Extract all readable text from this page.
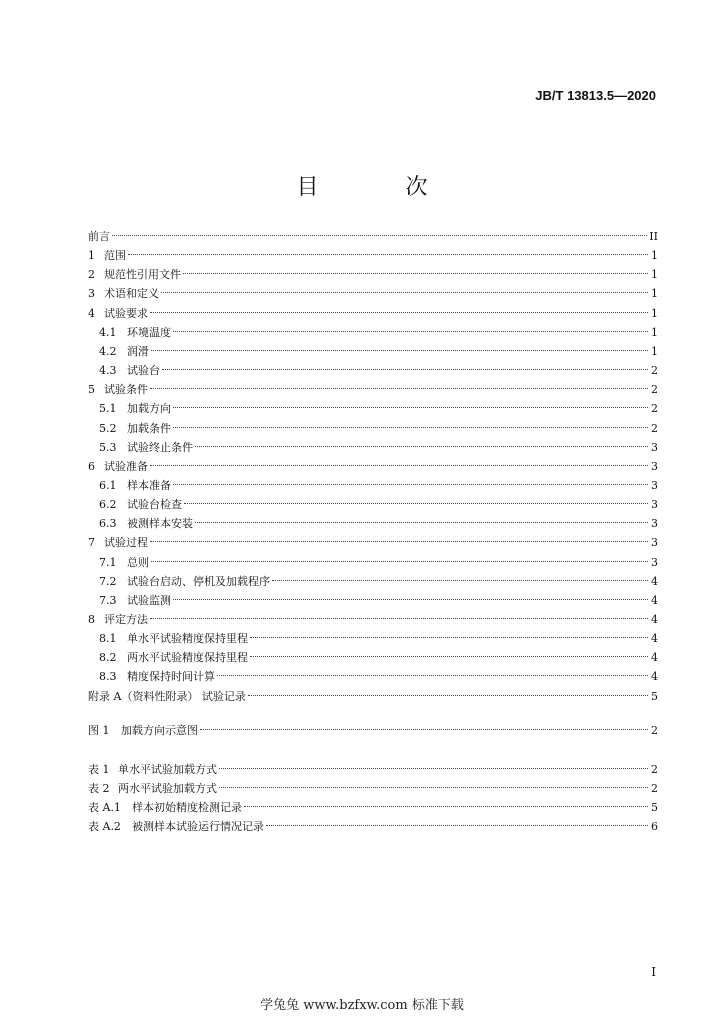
JB/T 13813.5—2020
目 次
前言	II
1 范围	1
2 规范性引用文件	1
3 术语和定义	1
4 试验要求	1
4.1 环境温度	1
4.2 润滑	1
4.3 试验台	2
5 试验条件	2
5.1 加载方向	2
5.2 加载条件	2
5.3 试验终止条件	3
6 试验准备	3
6.1 样本准备	3
6.2 试验台检查	3
6.3 被测样本安装	3
7 试验过程	3
7.1 总则	3
7.2 试验台启动、停机及加载程序	4
7.3 试验监测	4
8 评定方法	4
8.1 单水平试验精度保持里程	4
8.2 两水平试验精度保持里程	4
8.3 精度保持时间计算	4
附录 A（资料性附录） 试验记录	5
图 1	加载方向示意图	2
表 1 单水平试验加载方式	2
表 2 两水平试验加载方式	2
表 A.1	样本初始精度检测记录	5
表 A.2	被测样本试验运行情况记录	6
I
学兔兔 www.bzfxw.com 标准下载
